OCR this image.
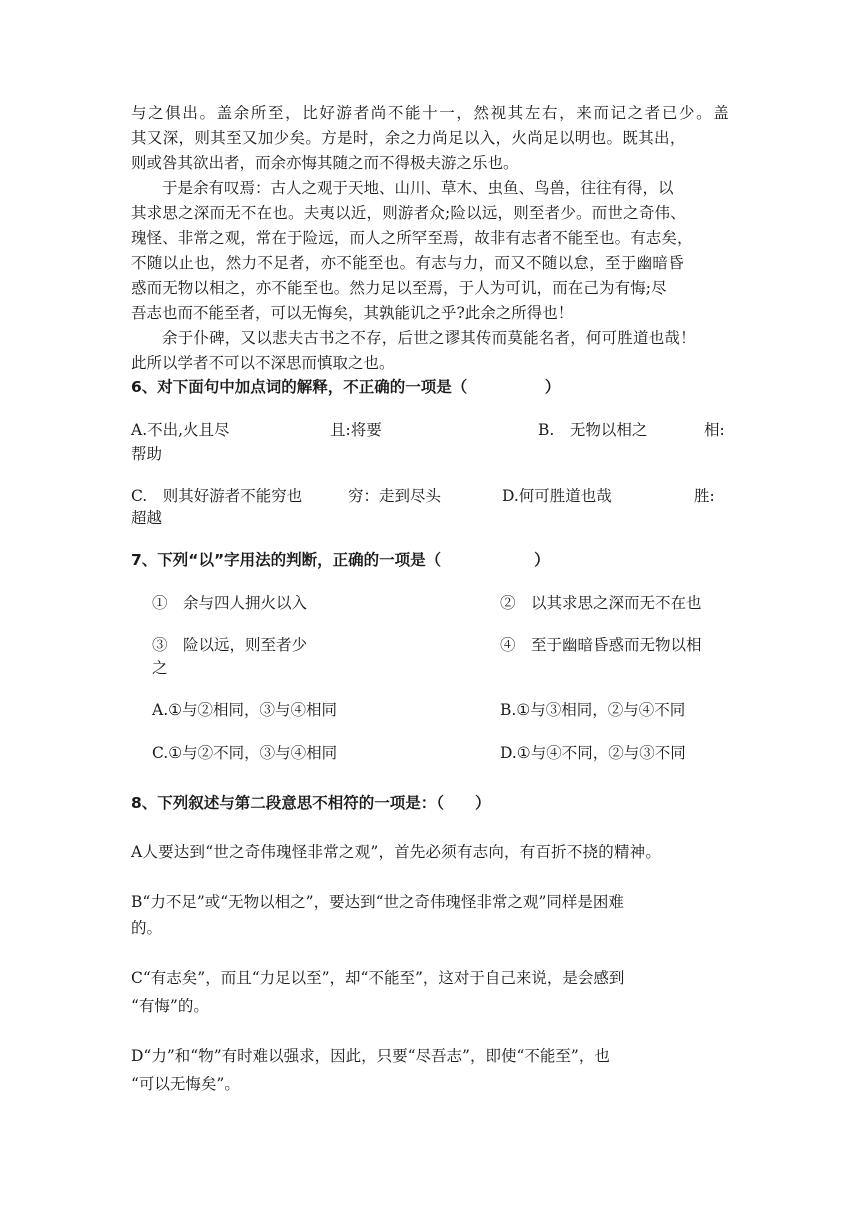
与 之 俱 出 。 盖 余 所 至 ， 比 好 游 者 尚 不 能 十 一 ， 然 视 其 左 右 ， 来 而 记 之 者 已 少 。 盖
其又深，则其至又加少矣。方是时，余之力尚足以入，火尚足以明也。既其出，
则或咎其欲出者，而余亦悔其随之而不得极夫游之乐也。
于是余有叹焉：古人之观于天地、山川、草木、虫鱼、鸟兽，往往有得，以
其求思之深而无不在也。夫夷以近，则游者众;险以远，则至者少。而世之奇伟、
瑰怪、非常之观，常在于险远，而人之所罕至焉，故非有志者不能至也。有志矣，
不随以止也，然力不足者，亦不能至也。有志与力，而又不随以怠，至于幽暗昏
惑而无物以相之，亦不能至也。然力足以至焉，于人为可讥，而在己为有悔;尽
吾志也而不能至者，可以无悔矣，其孰能讥之乎?此余之所得也！
余于仆碑，又以悲夫古书之不存，后世之谬其传而莫能名者，何可胜道也哉！
此所以学者不可以不深思而慎取之也。
6、对下面句中加点词的解释，不正确的一项是（　　　　　）
A.不出,火且尽	且:将要	B.　无物以相之	相:
帮助
C.　则其好游者不能穷也	穷：走到尽头	D.何可胜道也哉	胜:
超越
7、下列“以”字用法的判断，正确的一项是（　　　　　　）
①　余与四人拥火以入	②　以其求思之深而无不在也
③　险以远，则至者少	④　至于幽暗昏惑而无物以相
之
A.①与②相同，③与④相同	B.①与③相同，②与④不同
C.①与②不同，③与④相同	D.①与④不同，②与③不同
8、下列叙述与第二段意思不相符的一项是：（　　）
A人要达到“世之奇伟瑰怪非常之观”，首先必须有志向，有百折不挠的精神。
B“力不足”或“无物以相之”，要达到“世之奇伟瑰怪非常之观”同样是困难
的。
C“有志矣”，而且“力足以至”，却“不能至”，这对于自己来说，是会感到
“有悔”的。
D“力”和“物”有时难以强求，因此，只要“尽吾志”，即使“不能至”，也
“可以无悔矣”。
